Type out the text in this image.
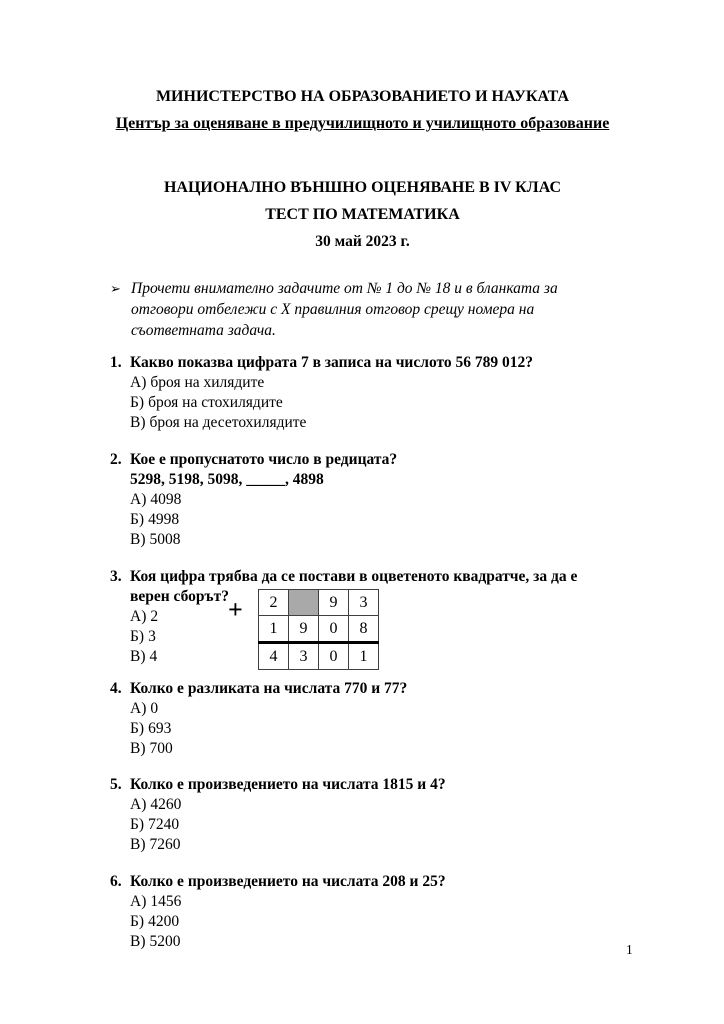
МИНИСТЕРСТВО НА ОБРАЗОВАНИЕТО И НАУКАТА
Център за оценяване в предучилищното и училищното образование
НАЦИОНАЛНО ВЪНШНО ОЦЕНЯВАНЕ В IV КЛАС
ТЕСТ ПО МАТЕМАТИКА
30 май 2023 г.
➢ Прочети внимателно задачите от № 1 до № 18 и в бланката за отговори отбележи с Х правилния отговор срещу номера на съответната задача.
1. Какво показва цифрата 7 в записа на числото 56 789 012?
А) броя на хилядите
Б) броя на стохилядите
В) броя на десетохилядите
2. Кое е пропуснатото число в редицата?
5298, 5198, 5098, _____, 4898
А) 4098
Б) 4998
В) 5008
3. Коя цифра трябва да се постави в оцветеното квадратче, за да е верен сборът?
А) 2
Б) 3
В) 4
+ 2		9	3
1	9	0	8
4	3	0	1
4. Колко е разликата на числата 770 и 77?
А) 0
Б) 693
В) 700
5. Колко е произведението на числата 1815 и 4?
А) 4260
Б) 7240
В) 7260
6. Колко е произведението на числата 208 и 25?
А) 1456
Б) 4200
В) 5200	1
